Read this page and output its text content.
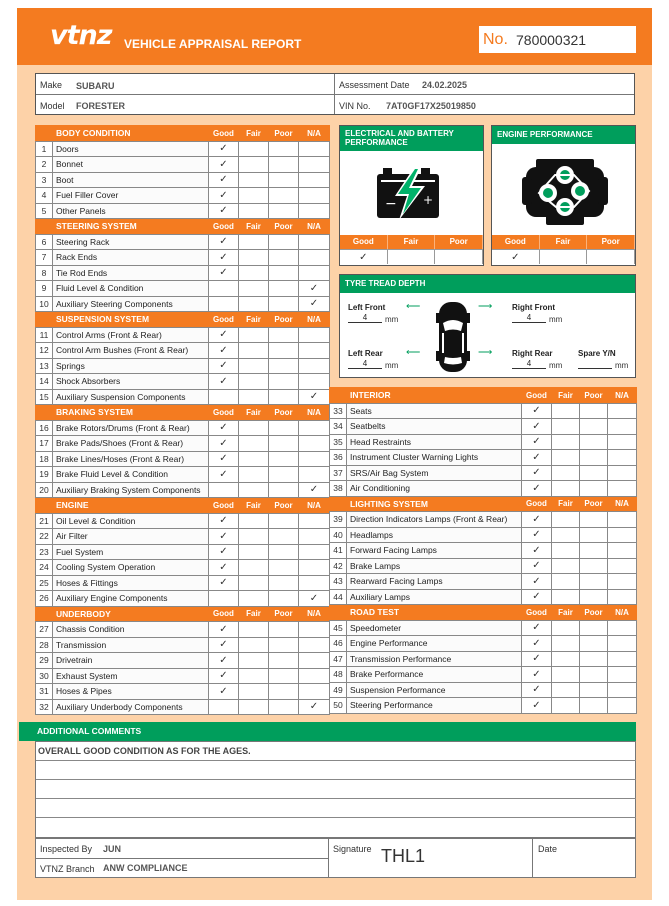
vtnz VEHICLE APPRAISAL REPORT	No. 780000321
Make SUBARU
Model FORESTER
Assessment Date 24.02.2025
VIN No. 7AT0GF17X25019850
	BODY CONDITION	Good	Fair	Poor	N/A
1	Doors	✓			
2	Bonnet	✓			
3	Boot	✓			
4	Fuel Filler Cover	✓			
5	Other Panels	✓			
	STEERING SYSTEM	Good	Fair	Poor	N/A
6	Steering Rack	✓			
7	Rack Ends	✓			
8	Tie Rod Ends	✓			
9	Fluid Level & Condition				✓
10	Auxiliary Steering Components				✓
	SUSPENSION SYSTEM	Good	Fair	Poor	N/A
11	Control Arms (Front & Rear)	✓			
12	Control Arm Bushes (Front & Rear)	✓			
13	Springs	✓			
14	Shock Absorbers	✓			
15	Auxiliary Suspension Components				✓
	BRAKING SYSTEM	Good	Fair	Poor	N/A
16	Brake Rotors/Drums (Front & Rear)	✓			
17	Brake Pads/Shoes (Front & Rear)	✓			
18	Brake Lines/Hoses (Front & Rear)	✓			
19	Brake Fluid Level & Condition	✓			
20	Auxiliary Braking System Components				✓
	ENGINE	Good	Fair	Poor	N/A
21	Oil Level & Condition	✓			
22	Air Filter	✓			
23	Fuel System	✓			
24	Cooling System Operation	✓			
25	Hoses & Fittings	✓			
26	Auxiliary Engine Components				✓
	UNDERBODY	Good	Fair	Poor	N/A
27	Chassis Condition	✓			
28	Transmission	✓			
29	Drivetrain	✓			
30	Exhaust System	✓			
31	Hoses & Pipes	✓			
32	Auxiliary Underbody Components				✓
	INTERIOR	Good	Fair	Poor	N/A
33	Seats	✓			
34	Seatbelts	✓			
35	Head Restraints	✓			
36	Instrument Cluster Warning Lights	✓			
37	SRS/Air Bag System	✓			
38	Air Conditioning	✓			
	LIGHTING SYSTEM	Good	Fair	Poor	N/A
39	Direction Indicators Lamps (Front & Rear)	✓			
40	Headlamps	✓			
41	Forward Facing Lamps	✓			
42	Brake Lamps	✓			
43	Rearward Facing Lamps	✓			
44	Auxiliary Lamps	✓			
	ROAD TEST	Good	Fair	Poor	N/A
45	Speedometer	✓			
46	Engine Performance	✓			
47	Transmission Performance	✓			
48	Brake Performance	✓			
49	Suspension Performance	✓			
50	Steering Performance	✓			
ELECTRICAL AND BATTERY
PERFORMANCE
− +
Good	Fair	Poor
✓
ENGINE PERFORMANCE
Good	Fair	Poor
✓
TYRE TREAD DEPTH
Left Front
4	mm
⟵	⟶ Right Front
4	mm
Left Rear
4	mm
⟵	⟶ Right Rear
4	mm
Spare Y/N
mm
ADDITIONAL COMMENTS
OVERALL GOOD CONDITION AS FOR THE AGES.
Inspected By JUN
VTNZ Branch ANW COMPLIANCE
Signature THL1	Date
